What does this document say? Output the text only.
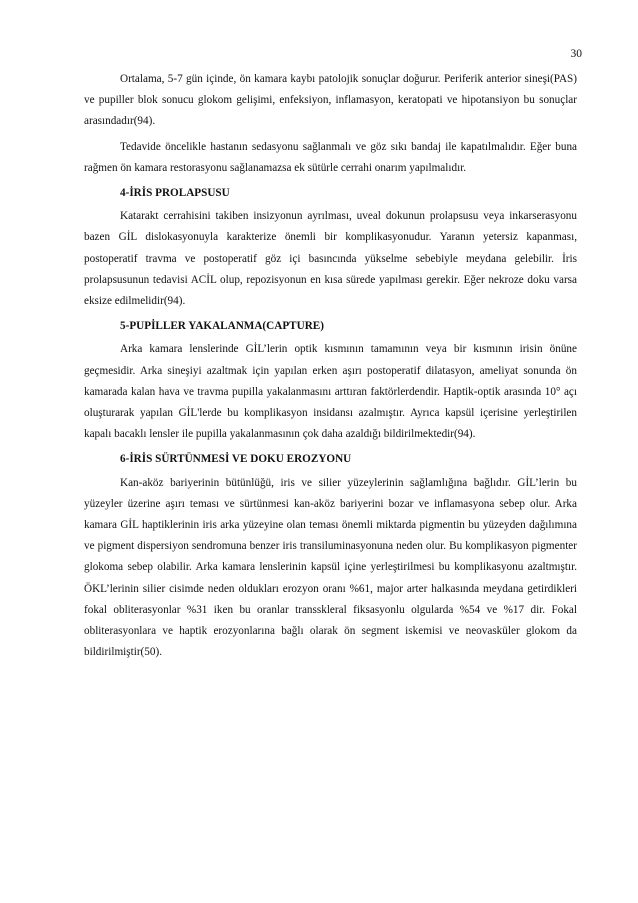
30

Ortalama, 5-7 gün içinde, ön kamara kaybı patolojik sonuçlar doğurur. Periferik anterior sineşi(PAS) ve pupiller blok sonucu glokom gelişimi, enfeksiyon, inflamasyon, keratopati ve hipotansiyon bu sonuçlar arasındadır(94).

Tedavide öncelikle hastanın sedasyonu sağlanmalı ve göz sıkı bandaj ile kapatılmalıdır. Eğer buna rağmen ön kamara restorasyonu sağlanamazsa ek sütürle cerrahi onarım yapılmalıdır.

4-İRİS PROLAPSUSU

Katarakt cerrahisini takiben insizyonun ayrılması, uveal dokunun prolapsusu veya inkarserasyonu bazen GİL dislokasyonuyla karakterize önemli bir komplikasyonudur. Yaranın yetersiz kapanması, postoperatif travma ve postoperatif göz içi basıncında yükselme sebebiyle meydana gelebilir. İris prolapsusunun tedavisi ACİL olup, repozisyonun en kısa sürede yapılması gerekir. Eğer nekroze doku varsa eksize edilmelidir(94).

5-PUPİLLER YAKALANMA(CAPTURE)

Arka kamara lenslerinde GİL’lerin optik kısmının tamamının veya bir kısmının irisin önüne geçmesidir. Arka sineşiyi azaltmak için yapılan erken aşırı postoperatif dilatasyon, ameliyat sonunda ön kamarada kalan hava ve travma pupilla yakalanmasını arttıran faktörlerdendir. Haptik-optik arasında 10° açı oluşturarak yapılan GİL'lerde bu komplikasyon insidansı azalmıştır. Ayrıca kapsül içerisine yerleştirilen kapalı bacaklı lensler ile pupilla yakalanmasının çok daha azaldığı bildirilmektedir(94).

6-İRİS SÜRTÜNMESİ VE DOKU EROZYONU

Kan-aköz bariyerinin bütünlüğü, iris ve silier yüzeylerinin sağlamlığına bağlıdır. GİL’lerin bu yüzeyler üzerine aşırı teması ve sürtünmesi kan-aköz bariyerini bozar ve inflamasyona sebep olur. Arka kamara GİL haptiklerinin iris arka yüzeyine olan teması önemli miktarda pigmentin bu yüzeyden dağılımına ve pigment dispersiyon sendromuna benzer iris transiluminasyonuna neden olur. Bu komplikasyon pigmenter glokoma sebep olabilir. Arka kamara lenslerinin kapsül içine yerleştirilmesi bu komplikasyonu azaltmıştır. ÖKL’lerinin silier cisimde neden oldukları erozyon oranı %61, major arter halkasında meydana getirdikleri fokal obliterasyonlar %31 iken bu oranlar transskleral fiksasyonlu olgularda %54 ve %17 dir. Fokal obliterasyonlara ve haptik erozyonlarına bağlı olarak ön segment iskemisi ve neovasküler glokom da bildirilmiştir(50).
